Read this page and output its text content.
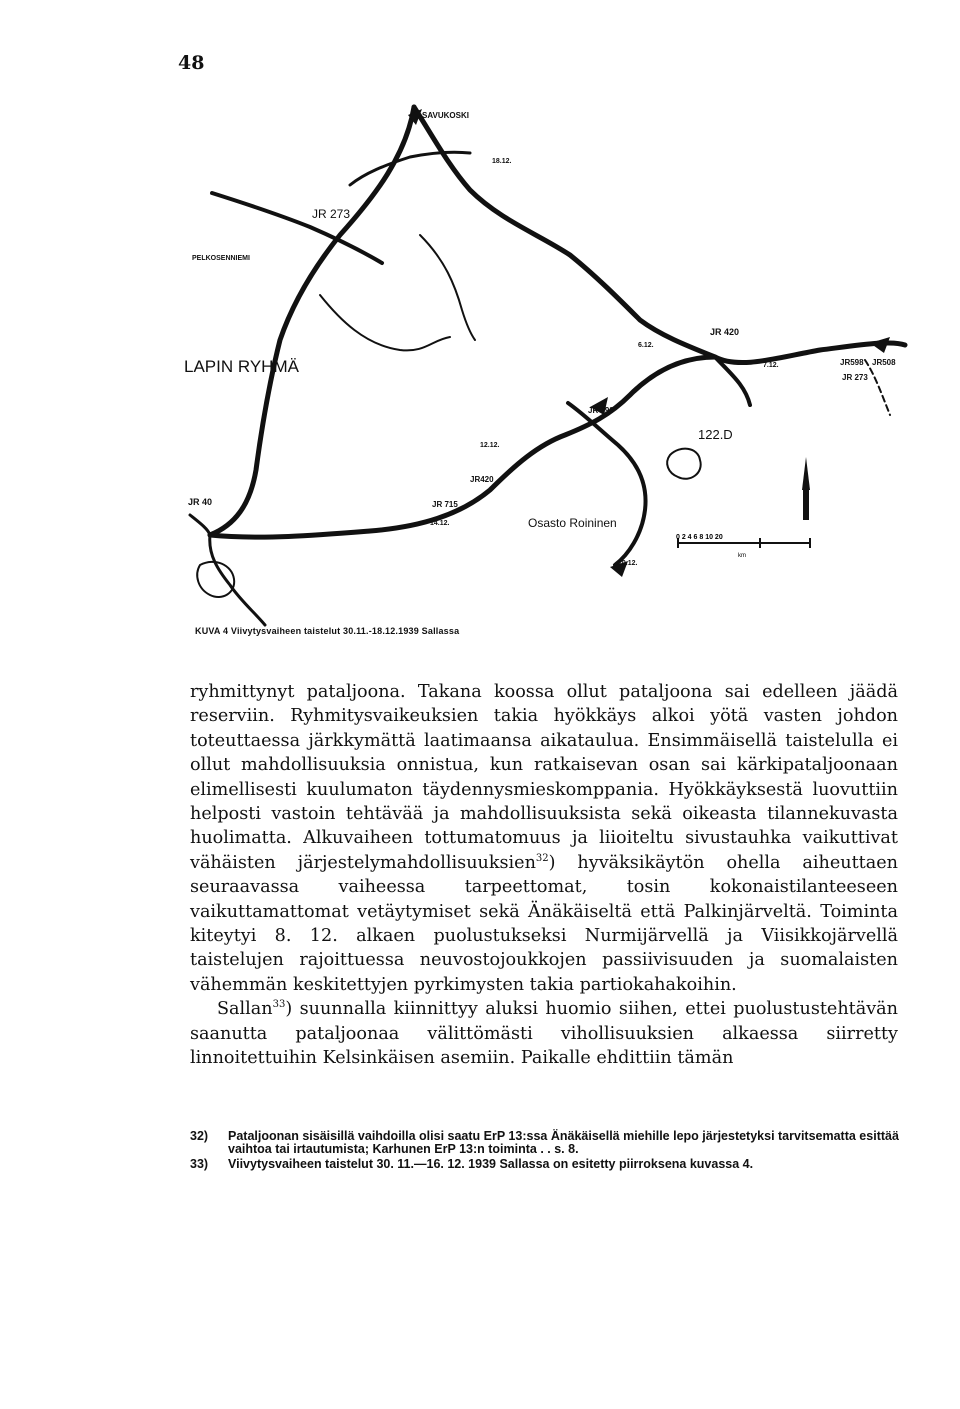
48
SAVUKOSKI
JR 273
PELKOSENNIEMI
LAPIN RYHMÄ
JR 420
JR598 JR508
JR 273
JR 598
122.D
JR420
JR 715
Osasto Roininen
JR 40
18.12.
12.12.
14.12.
6.12.
7.12.
10.12.
0 2 4 6 8 10 20
km
KUVA 4 Viivytysvaiheen taistelut 30.11.-18.12.1939 Sallassa

ryhmittynyt pataljoona. Takana koossa ollut pataljoona sai edelleen jäädä reserviin. Ryhmitysvaikeuksien takia hyökkäys alkoi yötä vasten johdon toteuttaessa järkkymättä laatimaansa aikataulua. Ensimmäisellä taistelulla ei ollut mahdollisuuksia onnistua, kun ratkaisevan osan sai kärkipataljoonaan elimellisesti kuulumaton täydennysmieskomppania. Hyökkäyksestä luovuttiin helposti vastoin tehtävää ja mahdollisuuksista sekä oikeasta tilannekuvasta huolimatta. Alkuvaiheen tottumatomuus ja liioiteltu sivustauhka vaikuttivat vähäisten järjestelymahdollisuuksien$^{32}$) hyväksikäytön ohella aiheuttaen seuraavassa vaiheessa tarpeettomat, tosin kokonaistilanteeseen vaikuttamattomat vetäytymiset sekä Änäkäiseltä että Palkinjärveltä. Toiminta kiteytyi 8. 12. alkaen puolustukseksi Nurmijärvellä ja Viisikkojärvellä taistelujen rajoittuessa neuvostojoukkojen passiivisuuden ja suomalaisten vähemmän keskitettyjen pyrkimysten takia partiokahakoihin.

Sallan$^{33}$) suunnalla kiinnittyy aluksi huomio siihen, ettei puolustustehtävän saanutta pataljoonaa välittömästi vihollisuuksien alkaessa siirretty linnoitettuihin Kelsinkäisen asemiin. Paikalle ehdittiin tämän

32)	Pataljoonan sisäisillä vaihdoilla olisi saatu ErP 13:ssa Änäkäisellä miehille lepo järjestetyksi tarvitsematta esittää vaihtoa tai irtautumista; Karhunen ErP 13:n toiminta . . s. 8.
33)	Viivytysvaiheen taistelut 30. 11.—16. 12. 1939 Sallassa on esitetty piirroksena kuvassa 4.
